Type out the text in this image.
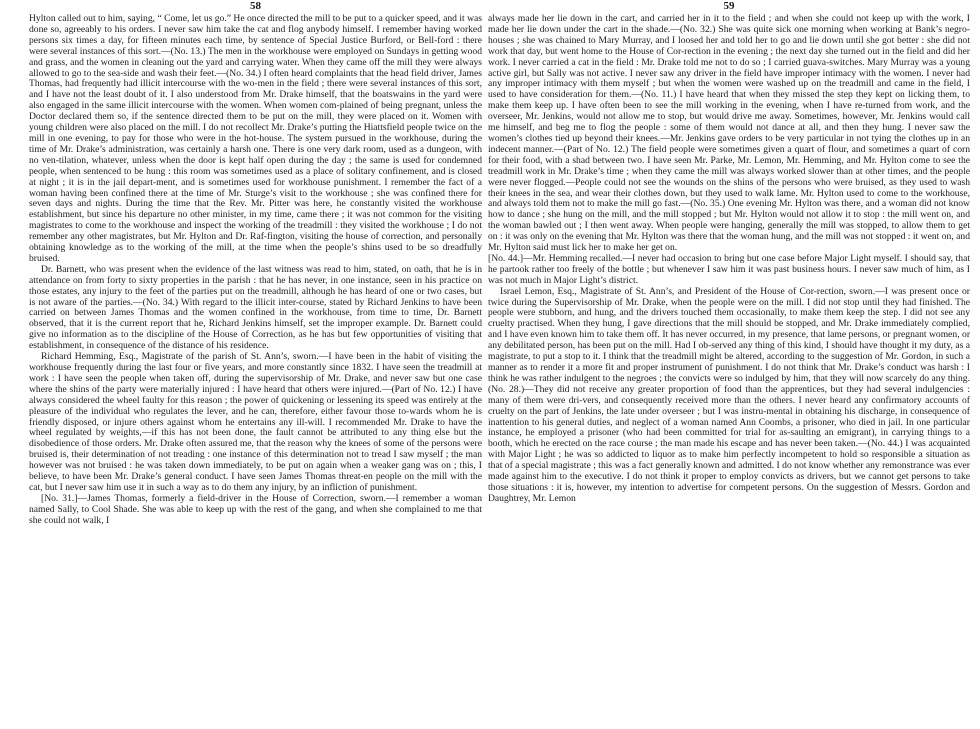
58

Hylton called out to him, saying, “ Come, let us go.” He once directed the mill to be put to a quicker speed, and it was done so, agreeably to his orders. I never saw him take the cat and flog anybody himself. I remember having worked persons six times a day, for fifteen minutes each time, by sentence of Special Justice Burford, or Bell-ford : there were several instances of this sort.—(No. 13.) The men in the workhouse were employed on Sundays in getting wood and grass, and the women in cleaning out the yard and carrying water. When they came off the mill they were always allowed to go to the sea-side and wash their feet.—(No. 34.) I often heard complaints that the head field driver, James Thomas, had frequently had illicit intercourse with the wo-men in the field ; there were several instances of this sort, and I have not the least doubt of it. I also understood from Mr. Drake himself, that the boatswains in the yard were also engaged in the same illicit intercourse with the women. When women com-plained of being pregnant, unless the Doctor declared them so, if the sentence directed them to be put on the mill, they were placed on it. Women with young children were also placed on the mill. I do not recollect Mr. Drake’s putting the Hiattsfield people twice on the mill in one evening, to pay for those who were in the hot-house. The system pursued in the workhouse, during the time of Mr. Drake’s administration, was certainly a harsh one. There is one very dark room, used as a dungeon, with no ven-tilation, whatever, unless when the door is kept half open during the day ; the same is used for condemned people, when sentenced to be hung : this room was sometimes used as a place of solitary confinement, and is closed at night ; it is in the jail depart-ment, and is sometimes used for workhouse punishment. I remember the fact of a woman having been confined there at the time of Mr. Sturge’s visit to the workhouse ; she was confined there for seven days and nights. During the time that the Rev. Mr. Pitter was here, he constantly visited the workhouse establishment, but since his departure no other minister, in my time, came there ; it was not common for the visiting magistrates to come to the workhouse and inspect the working of the treadmill : they visited the workhouse ; I do not remember any other magistrates, but Mr. Hylton and Dr. Raf-fington, visiting the house of correction, and personally obtaining knowledge as to the working of the mill, at the time when the people’s shins used to be so dreadfully bruised.

Dr. Barnett, who was present when the evidence of the last witness was read to him, stated, on oath, that he is in attendance on from forty to sixty properties in the parish : that he has never, in one instance, seen in his practice on those estates, any injury to the feet of the parties put on the treadmill, although he has heard of one or two cases, but is not aware of the parties.—(No. 34.) With regard to the illicit inter-course, stated by Richard Jenkins to have been carried on between James Thomas and the women confined in the workhouse, from time to time, Dr. Barnett observed, that it is the current report that he, Richard Jenkins himself, set the improper example. Dr. Barnett could give no information as to the discipline of the House of Correction, as he has but few opportunities of visiting that establishment, in consequence of the distance of his residence.

Richard Hemming, Esq., Magistrate of the parish of St. Ann’s, sworn.—I have been in the habit of visiting the workhouse frequently during the last four or five years, and more constantly since 1832. I have seen the treadmill at work : I have seen the people when taken off, during the supervisorship of Mr. Drake, and never saw but one case where the shins of the party were materially injured : I have heard that others were injured.—(Part of No. 12.) I have always considered the wheel faulty for this reason ; the power of quickening or lessening its speed was entirely at the pleasure of the individual who regulates the lever, and he can, therefore, either favour those to-wards whom he is friendly disposed, or injure others against whom he entertains any ill-will. I recommended Mr. Drake to have the wheel regulated by weights,—if this has not been done, the fault cannot be attributed to any thing else but the disobedience of those orders. Mr. Drake often assured me, that the reason why the knees of some of the persons were bruised is, their determination of not treading : one instance of this determination not to tread I saw myself ; the man however was not bruised : he was taken down immediately, to be put on again when a weaker gang was on ; this, I believe, to have been Mr. Drake’s general conduct. I have seen James Thomas threat-en people on the mill with the cat, but I never saw him use it in such a way as to do them any injury, by an infliction of punishment.

[No. 31.]—James Thomas, formerly a field-driver in the House of Correction, sworn.—I remember a woman named Sally, to Cool Shade. She was able to keep up with the rest of the gang, and when she complained to me that she could not walk, I

59

always made her lie down in the cart, and carried her in it to the field ; and when she could not keep up with the work, I made her lie down under the cart in the shade.—(No. 32.) She was quite sick one morning when working at Bank’s negro-houses ; she was chained to Mary Murray, and I loosed her and told her to go and lie down until she got better : she did not work that day, but went home to the House of Cor-rection in the evening ; the next day she turned out in the field and did her work. I never carried a cat in the field : Mr. Drake told me not to do so ; I carried guava-switches. Mary Murray was a young active girl, but Sally was not active. I never saw any driver in the field have improper intimacy with the women. I never had any improper intimacy with them myself ; but when the women were washed up on the treadmill and came in the field, I used to have consideration for them.—(No. 11.) I have heard that when they missed the step they kept on licking them, to make them keep up. I have often been to see the mill working in the evening, when I have re-turned from work, and the overseer, Mr. Jenkins, would not allow me to stop, but would drive me away. Sometimes, however, Mr. Jenkins would call me himself, and beg me to flog the people : some of them would not dance at all, and then they hung. I never saw the women’s clothes tied up beyond their knees.—Mr. Jenkins gave orders to be very particular in not tying the clothes up in an indecent manner.—(Part of No. 12.) The field people were sometimes given a quart of flour, and sometimes a quart of corn for their food, with a shad between two. I have seen Mr. Parke, Mr. Lemon, Mr. Hemming, and Mr. Hylton come to see the treadmill work in Mr. Drake’s time ; when they came the mill was always worked slower than at other times, and the people were never flogged.—People could not see the wounds on the shins of the persons who were bruised, as they used to wash their knees in the sea, and wear their clothes down, but they used to walk lame. Mr. Hylton used to come to the workhouse, and always told them not to make the mill go fast.—(No. 35.) One evening Mr. Hylton was there, and a woman did not know how to dance ; she hung on the mill, and the mill stopped ; but Mr. Hylton would not allow it to stop : the mill went on, and the woman bawled out ; I then went away. When people were hanging, generally the mill was stopped, to allow them to get on : it was only on the evening that Mr. Hylton was there that the woman hung, and the mill was not stopped : it went on, and Mr. Hylton said must lick her to make her get on.

[No. 44.]—Mr. Hemming recalled.—I never had occasion to bring but one case before Major Light myself. I should say, that he partook rather too freely of the bottle ; but whenever I saw him it was past business hours. I never saw much of him, as I was not much in Major Light’s district.

Israel Lemon, Esq., Magistrate of St. Ann’s, and President of the House of Cor-rection, sworn.—I was present once or twice during the Supervisorship of Mr. Drake, when the people were on the mill. I did not stop until they had finished. The people were stubborn, and hung, and the drivers touched them occasionally, to make them keep the step. I did not see any cruelty practised. When they hung, I gave directions that the mill should be stopped, and Mr. Drake immediately complied, and I have even known him to take them off. It has never occurred, in my presence, that lame persons, or pregnant women, or any debilitated person, has been put on the mill. Had I ob-served any thing of this kind, I should have thought it my duty, as a magistrate, to put a stop to it. I think that the treadmill might be altered, according to the suggestion of Mr. Gordon, in such a manner as to render it a more fit and proper instrument of punishment. I do not think that Mr. Drake’s conduct was harsh : I think he was rather indulgent to the negroes ; the convicts were so indulged by him, that they will now scarcely do any thing. (No. 28.)—They did not receive any greater proportion of food than the apprentices, but they had several indulgencies : many of them were dri-vers, and consequently received more than the others. I never heard any confirmatory accounts of cruelty on the part of Jenkins, the late under overseer ; but I was instru-mental in obtaining his discharge, in consequence of inattention to his general duties, and neglect of a woman named Ann Coombs, a prisoner, who died in jail. In one particular instance, he employed a prisoner (who had been committed for trial for as-saulting an emigrant), in carrying things to a booth, which he erected on the race course ; the man made his escape and has never been taken.—(No. 44.) I was acquainted with Major Light ; he was so addicted to liquor as to make him perfectly incompetent to hold so responsible a situation as that of a special magistrate ; this was a fact generally known and admitted. I do not know whether any remonstrance was ever made against him to the executive. I do not think it proper to employ convicts as drivers, but we cannot get persons to take those situations : it is, however, my intention to advertise for competent persons. On the suggestion of Messrs. Gordon and Daughtrey, Mr. Lemon
